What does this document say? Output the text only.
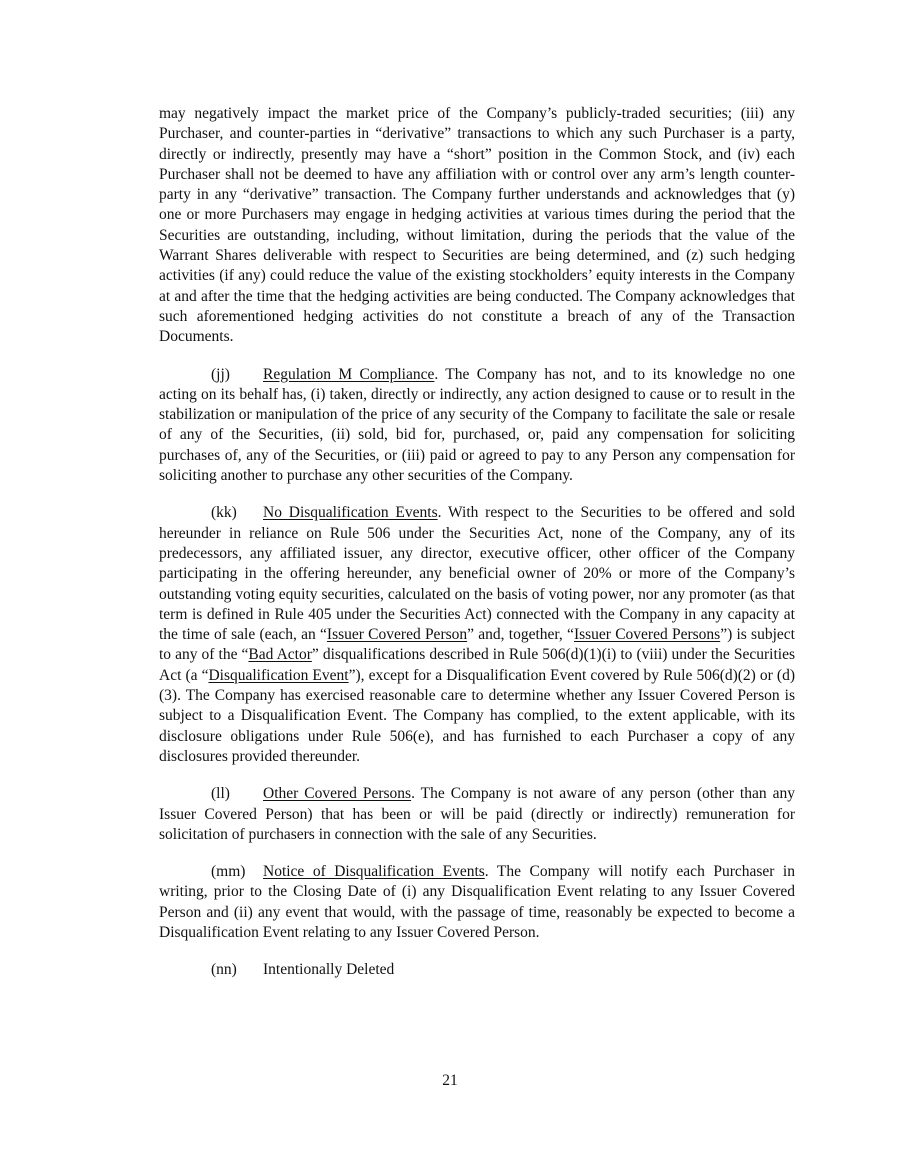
may negatively impact the market price of the Company’s publicly-traded securities; (iii) any Purchaser, and counter-parties in “derivative” transactions to which any such Purchaser is a party, directly or indirectly, presently may have a “short” position in the Common Stock, and (iv) each Purchaser shall not be deemed to have any affiliation with or control over any arm’s length counter-party in any “derivative” transaction. The Company further understands and acknowledges that (y) one or more Purchasers may engage in hedging activities at various times during the period that the Securities are outstanding, including, without limitation, during the periods that the value of the Warrant Shares deliverable with respect to Securities are being determined, and (z) such hedging activities (if any) could reduce the value of the existing stockholders’ equity interests in the Company at and after the time that the hedging activities are being conducted. The Company acknowledges that such aforementioned hedging activities do not constitute a breach of any of the Transaction Documents.

(jj) Regulation M Compliance. The Company has not, and to its knowledge no one acting on its behalf has, (i) taken, directly or indirectly, any action designed to cause or to result in the stabilization or manipulation of the price of any security of the Company to facilitate the sale or resale of any of the Securities, (ii) sold, bid for, purchased, or, paid any compensation for soliciting purchases of, any of the Securities, or (iii) paid or agreed to pay to any Person any compensation for soliciting another to purchase any other securities of the Company.

(kk) No Disqualification Events. With respect to the Securities to be offered and sold hereunder in reliance on Rule 506 under the Securities Act, none of the Company, any of its predecessors, any affiliated issuer, any director, executive officer, other officer of the Company participating in the offering hereunder, any beneficial owner of 20% or more of the Company’s outstanding voting equity securities, calculated on the basis of voting power, nor any promoter (as that term is defined in Rule 405 under the Securities Act) connected with the Company in any capacity at the time of sale (each, an “Issuer Covered Person” and, together, “Issuer Covered Persons”) is subject to any of the “Bad Actor” disqualifications described in Rule 506(d)(1)(i) to (viii) under the Securities Act (a “Disqualification Event”), except for a Disqualification Event covered by Rule 506(d)(2) or (d)(3). The Company has exercised reasonable care to determine whether any Issuer Covered Person is subject to a Disqualification Event. The Company has complied, to the extent applicable, with its disclosure obligations under Rule 506(e), and has furnished to each Purchaser a copy of any disclosures provided thereunder.

(ll) Other Covered Persons. The Company is not aware of any person (other than any Issuer Covered Person) that has been or will be paid (directly or indirectly) remuneration for solicitation of purchasers in connection with the sale of any Securities.

(mm) Notice of Disqualification Events. The Company will notify each Purchaser in writing, prior to the Closing Date of (i) any Disqualification Event relating to any Issuer Covered Person and (ii) any event that would, with the passage of time, reasonably be expected to become a Disqualification Event relating to any Issuer Covered Person.

(nn) Intentionally Deleted

21
